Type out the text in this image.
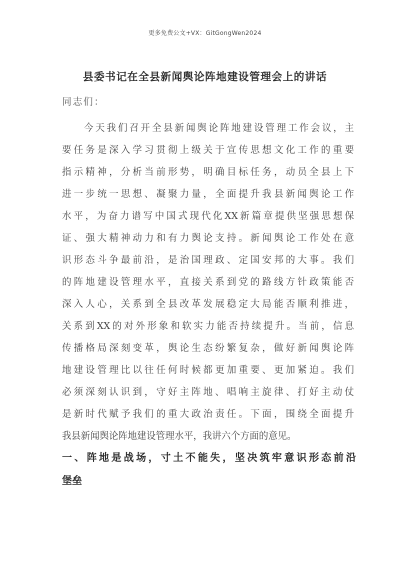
更多免费公文+VX：GitGongWen2024
县委书记在全县新闻舆论阵地建设管理会上的讲话
同志们：
今天我们召开全县新闻舆论阵地建设管理工作会议，主
要任务是深入学习贯彻上级关于宣传思想文化工作的重要
指示精神，分析当前形势，明确目标任务，动员全县上下
进一步统一思想、凝聚力量，全面提升我县新闻舆论工作
水平，为奋力谱写中国式现代化XX新篇章提供坚强思想保
证、强大精神动力和有力舆论支持。新闻舆论工作处在意
识形态斗争最前沿，是治国理政、定国安邦的大事。我们
的阵地建设管理水平，直接关系到党的路线方针政策能否
深入人心，关系到全县改革发展稳定大局能否顺利推进，
关系到XX的对外形象和软实力能否持续提升。当前，信息
传播格局深刻变革，舆论生态纷繁复杂，做好新闻舆论阵
地建设管理比以往任何时候都更加重要、更加紧迫。我们
必须深刻认识到，守好主阵地、唱响主旋律、打好主动仗
是新时代赋予我们的重大政治责任。下面，围绕全面提升
我县新闻舆论阵地建设管理水平，我讲六个方面的意见。
一、阵地是战场，寸土不能失，坚决筑牢意识形态前沿
堡垒
